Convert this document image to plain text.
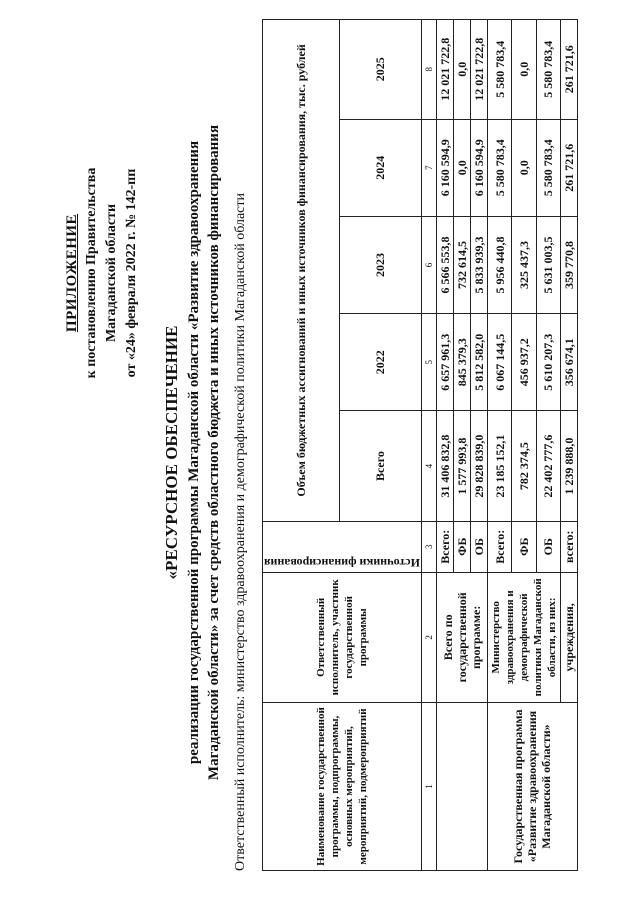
ПРИЛОЖЕНИЕ к постановлению Правительства Магаданской области от «24» февраля 2022 г. № 142-пп
«РЕСУРСНОЕ ОБЕСПЕЧЕНИЕ реализации государственной программы Магаданской области «Развитие здравоохранения Магаданской области» за счет средств областного бюджета и иных источников финансирования Ответственный исполнитель: министерство здравоохранения и демографической политики Магаданской области	Наименование государственной программы, подпрограммы, основных мероприятий, мероприятий, подмероприятий	Ответственный исполнитель, участник государственной программы	Источники финансирования	Объем бюджетных ассигнований и иных источников финансирования, тыс. рублей				
			Всего	2022	2023	2024	2025
1	2	3	4	5	6	7	8
	Всего по государственной программе:	Всего:	31 406 832,8	6 657 961,3	6 566 553,8	6 160 594,9	12 021 722,8
		ФБ	1 577 993,8	845 379,3	732 614,5	0,0	0,0
		ОБ	29 828 839,0	5 812 582,0	5 833 939,3	6 160 594,9	12 021 722,8
Государственная программа «Развитие здравоохранения Магаданской области»	Министерство здравоохранения и демографической политики Магаданской области, из них:	Всего:	23 185 152,1	6 067 144,5	5 956 440,8	5 580 783,4	5 580 783,4
		ФБ	782 374,5	456 937,2	325 437,3	0,0	0,0
		ОБ	22 402 777,6	5 610 207,3	5 631 003,5	5 580 783,4	5 580 783,4
	учреждения,	всего:	1 239 888,0	356 674,1	359 770,8	261 721,6	261 721,6
